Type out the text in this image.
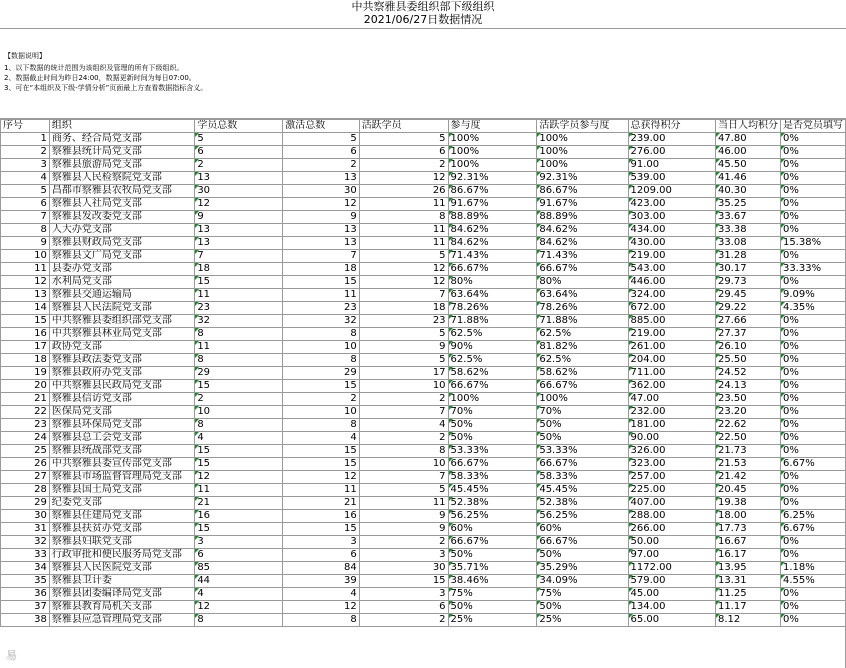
中共察雅县委组织部下级组织
2021/06/27日数据情况
【数据说明】
1、以下数据的统计范围为该组织及管理的所有下级组织。
2、数据截止时间为昨日24:00，数据更新时间为每日07:00。
3、可在“本组织及下级-学情分析”页面最上方查看数据指标含义。
序号	组织	学员总数	激活总数	活跃学员	参与度	活跃学员参与度	总获得积分	当日人均积分	是否党员填写
1	商务、经合局党支部	5	5	5	100%	100%	239.00	47.80	0%
2	察雅县统计局党支部	6	6	6	100%	100%	276.00	46.00	0%
3	察雅县旅游局党支部	2	2	2	100%	100%	91.00	45.50	0%
4	察雅县人民检察院党支部	13	13	12	92.31%	92.31%	539.00	41.46	0%
5	昌都市察雅县农牧局党支部	30	30	26	86.67%	86.67%	1209.00	40.30	0%
6	察雅县人社局党支部	12	12	11	91.67%	91.67%	423.00	35.25	0%
7	察雅县发改委党支部	9	9	8	88.89%	88.89%	303.00	33.67	0%
8	人大办党支部	13	13	11	84.62%	84.62%	434.00	33.38	0%
9	察雅县财政局党支部	13	13	11	84.62%	84.62%	430.00	33.08	15.38%
10	察雅县文广局党支部	7	7	5	71.43%	71.43%	219.00	31.28	0%
11	县委办党支部	18	18	12	66.67%	66.67%	543.00	30.17	33.33%
12	水利局党支部	15	15	12	80%	80%	446.00	29.73	0%
13	察雅县交通运输局	11	11	7	63.64%	63.64%	324.00	29.45	9.09%
14	察雅县人民法院党支部	23	23	18	78.26%	78.26%	672.00	29.22	4.35%
15	中共察雅县委组织部党支部	32	32	23	71.88%	71.88%	885.00	27.66	0%
16	中共察雅县林业局党支部	8	8	5	62.5%	62.5%	219.00	27.37	0%
17	政协党支部	11	10	9	90%	81.82%	261.00	26.10	0%
18	察雅县政法委党支部	8	8	5	62.5%	62.5%	204.00	25.50	0%
19	察雅县政府办党支部	29	29	17	58.62%	58.62%	711.00	24.52	0%
20	中共察雅县民政局党支部	15	15	10	66.67%	66.67%	362.00	24.13	0%
21	察雅县信访党支部	2	2	2	100%	100%	47.00	23.50	0%
22	医保局党支部	10	10	7	70%	70%	232.00	23.20	0%
23	察雅县环保局党支部	8	8	4	50%	50%	181.00	22.62	0%
24	察雅县总工会党支部	4	4	2	50%	50%	90.00	22.50	0%
25	察雅县统战部党支部	15	15	8	53.33%	53.33%	326.00	21.73	0%
26	中共察雅县委宣传部党支部	15	15	10	66.67%	66.67%	323.00	21.53	6.67%
27	察雅县市场监督管理局党支部	12	12	7	58.33%	58.33%	257.00	21.42	0%
28	察雅县国土局党支部	11	11	5	45.45%	45.45%	225.00	20.45	0%
29	纪委党支部	21	21	11	52.38%	52.38%	407.00	19.38	0%
30	察雅县住建局党支部	16	16	9	56.25%	56.25%	288.00	18.00	6.25%
31	察雅县扶贫办党支部	15	15	9	60%	60%	266.00	17.73	6.67%
32	察雅县妇联党支部	3	3	2	66.67%	66.67%	50.00	16.67	0%
33	行政审批和便民服务局党支部	6	6	3	50%	50%	97.00	16.17	0%
34	察雅县人民医院党支部	85	84	30	35.71%	35.29%	1172.00	13.95	1.18%
35	察雅县卫计委	44	39	15	38.46%	34.09%	579.00	13.31	4.55%
36	察雅县团委编译局党支部	4	4	3	75%	75%	45.00	11.25	0%
37	察雅县教育局机关支部	12	12	6	50%	50%	134.00	11.17	0%
38	察雅县应急管理局党支部	8	8	2	25%	25%	65.00	8.12	0%
易
